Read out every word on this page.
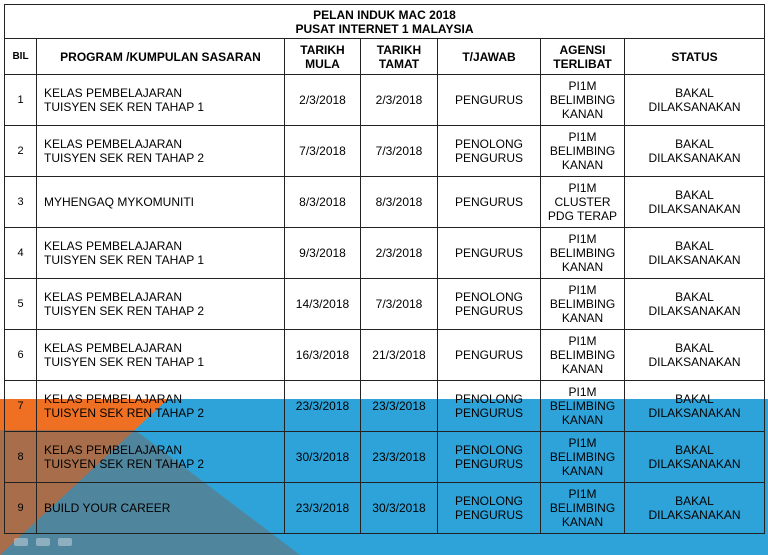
PELAN INDUK MAC 2018
PUSAT INTERNET 1 MALAYSIA						

BIL	PROGRAM /KUMPULAN SASARAN	TARIKH MULA	TARIKH TAMAT	T/JAWAB	AGENSI TERLIBAT	STATUS
1	KELAS PEMBELAJARAN
TUISYEN SEK REN TAHAP 1	2/3/2018	2/3/2018	PENGURUS	PI1M
BELIMBING
KANAN	BAKAL
DILAKSANAKAN

2	KELAS PEMBELAJARAN
TUISYEN SEK REN TAHAP 2	7/3/2018	7/3/2018	PENOLONG PENGURUS	PI1M
BELIMBING
KANAN	BAKAL
DILAKSANAKAN

3	MYHENGAQ MYKOMUNITI	8/3/2018	8/3/2018	PENGURUS	PI1M
CLUSTER
PDG TERAP	BAKAL
DILAKSANAKAN

4	KELAS PEMBELAJARAN
TUISYEN SEK REN TAHAP 1	9/3/2018	2/3/2018	PENGURUS	PI1M
BELIMBING
KANAN	BAKAL
DILAKSANAKAN

5	KELAS PEMBELAJARAN
TUISYEN SEK REN TAHAP 2	14/3/2018	7/3/2018	PENOLONG PENGURUS	PI1M
BELIMBING
KANAN	BAKAL
DILAKSANAKAN

6	KELAS PEMBELAJARAN
TUISYEN SEK REN TAHAP 1	16/3/2018	21/3/2018	PENGURUS	PI1M
BELIMBING
KANAN	BAKAL
DILAKSANAKAN

7	KELAS PEMBELAJARAN
TUISYEN SEK REN TAHAP 2	23/3/2018	23/3/2018	PENOLONG PENGURUS	PI1M
BELIMBING
KANAN	BAKAL
DILAKSANAKAN

8	KELAS PEMBELAJARAN
TUISYEN SEK REN TAHAP 2	30/3/2018	23/3/2018	PENOLONG PENGURUS	PI1M
BELIMBING
KANAN	BAKAL
DILAKSANAKAN

9	BUILD YOUR CAREER	23/3/2018	30/3/2018	PENOLONG PENGURUS	PI1M
BELIMBING
KANAN	BAKAL
DILAKSANAKAN
